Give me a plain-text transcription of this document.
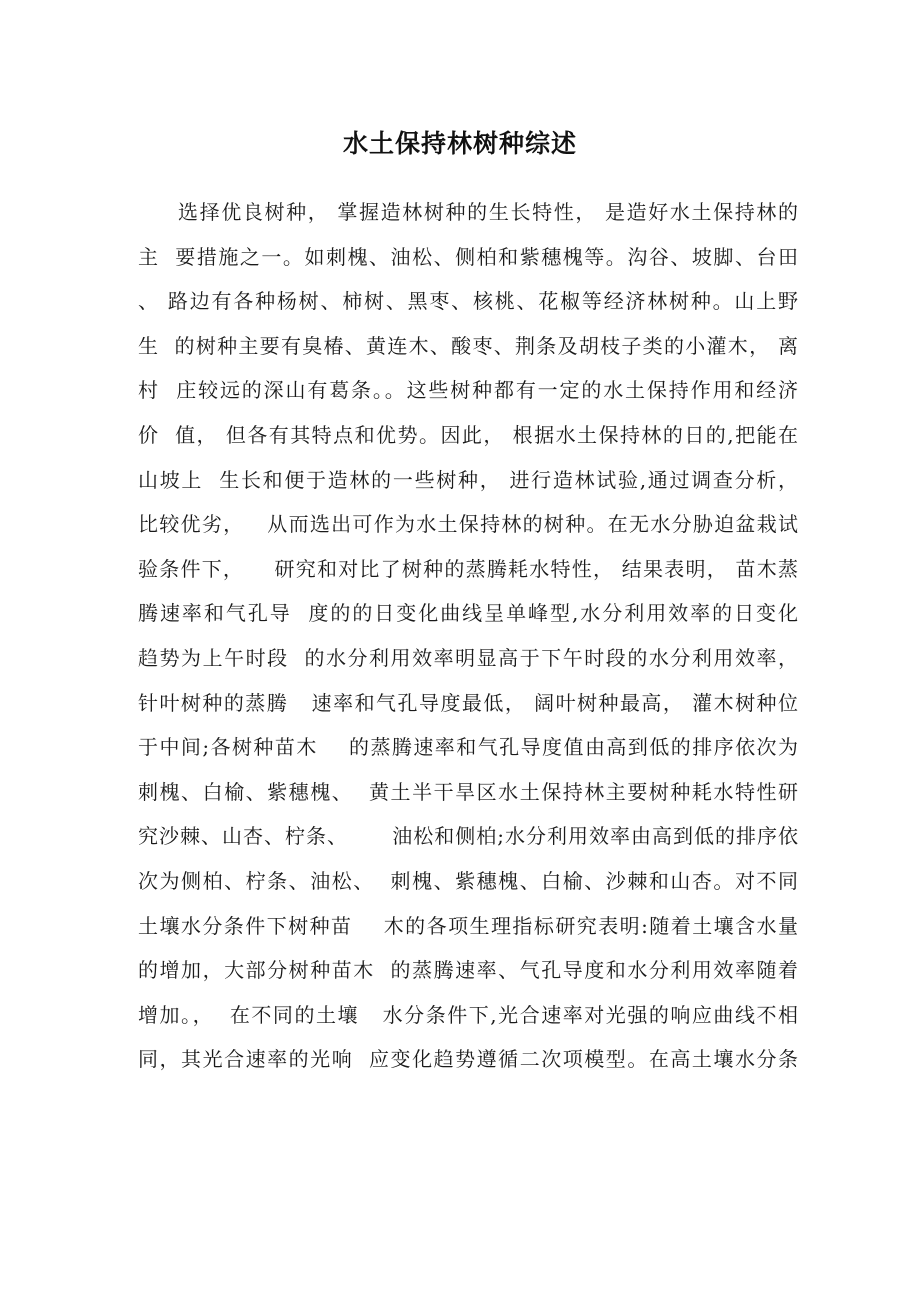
水土保持林树种综述
选择优良树种， 掌握造林树种的生长特性， 是造好水土保持林的
主  要措施之一。如刺槐、油松、侧柏和紫穗槐等。沟谷、坡脚、台田
、 路边有各种杨树、柿树、黑枣、核桃、花椒等经济林树种。山上野
生  的树种主要有臭椿、黄连木、酸枣、荆条及胡枝子类的小灌木， 离
村  庄较远的深山有葛条。。这些树种都有一定的水土保持作用和经济
价  值， 但各有其特点和优势。因此， 根据水土保持林的日的,把能在
山坡上  生长和便于造林的一些树种， 进行造林试验,通过调查分析，
比较优劣，   从而选出可作为水土保持林的树种。在无水分胁迫盆栽试
验条件下，    研究和对比了树种的蒸腾耗水特性， 结果表明， 苗木蒸
腾速率和气孔导  度的的日变化曲线呈单峰型,水分利用效率的日变化
趋势为上午时段  的水分利用效率明显高于下午时段的水分利用效率，
针叶树种的蒸腾   速率和气孔导度最低， 阔叶树种最高， 灌木树种位
于中间;各树种苗木    的蒸腾速率和气孔导度值由高到低的排序依次为
刺槐、白榆、紫穗槐、  黄土半干旱区水土保持林主要树种耗水特性研
究沙棘、山杏、柠条、      油松和侧柏;水分利用效率由高到低的排序依
次为侧柏、柠条、油松、  刺槐、紫穗槐、白榆、沙棘和山杏。对不同
土壤水分条件下树种苗    木的各项生理指标研究表明:随着土壤含水量
的增加，大部分树种苗木  的蒸腾速率、气孔导度和水分利用效率随着
增加。，  在不同的土壤   水分条件下,光合速率对光强的响应曲线不相
同，其光合速率的光响  应变化趋势遵循二次项模型。在高土壤水分条
